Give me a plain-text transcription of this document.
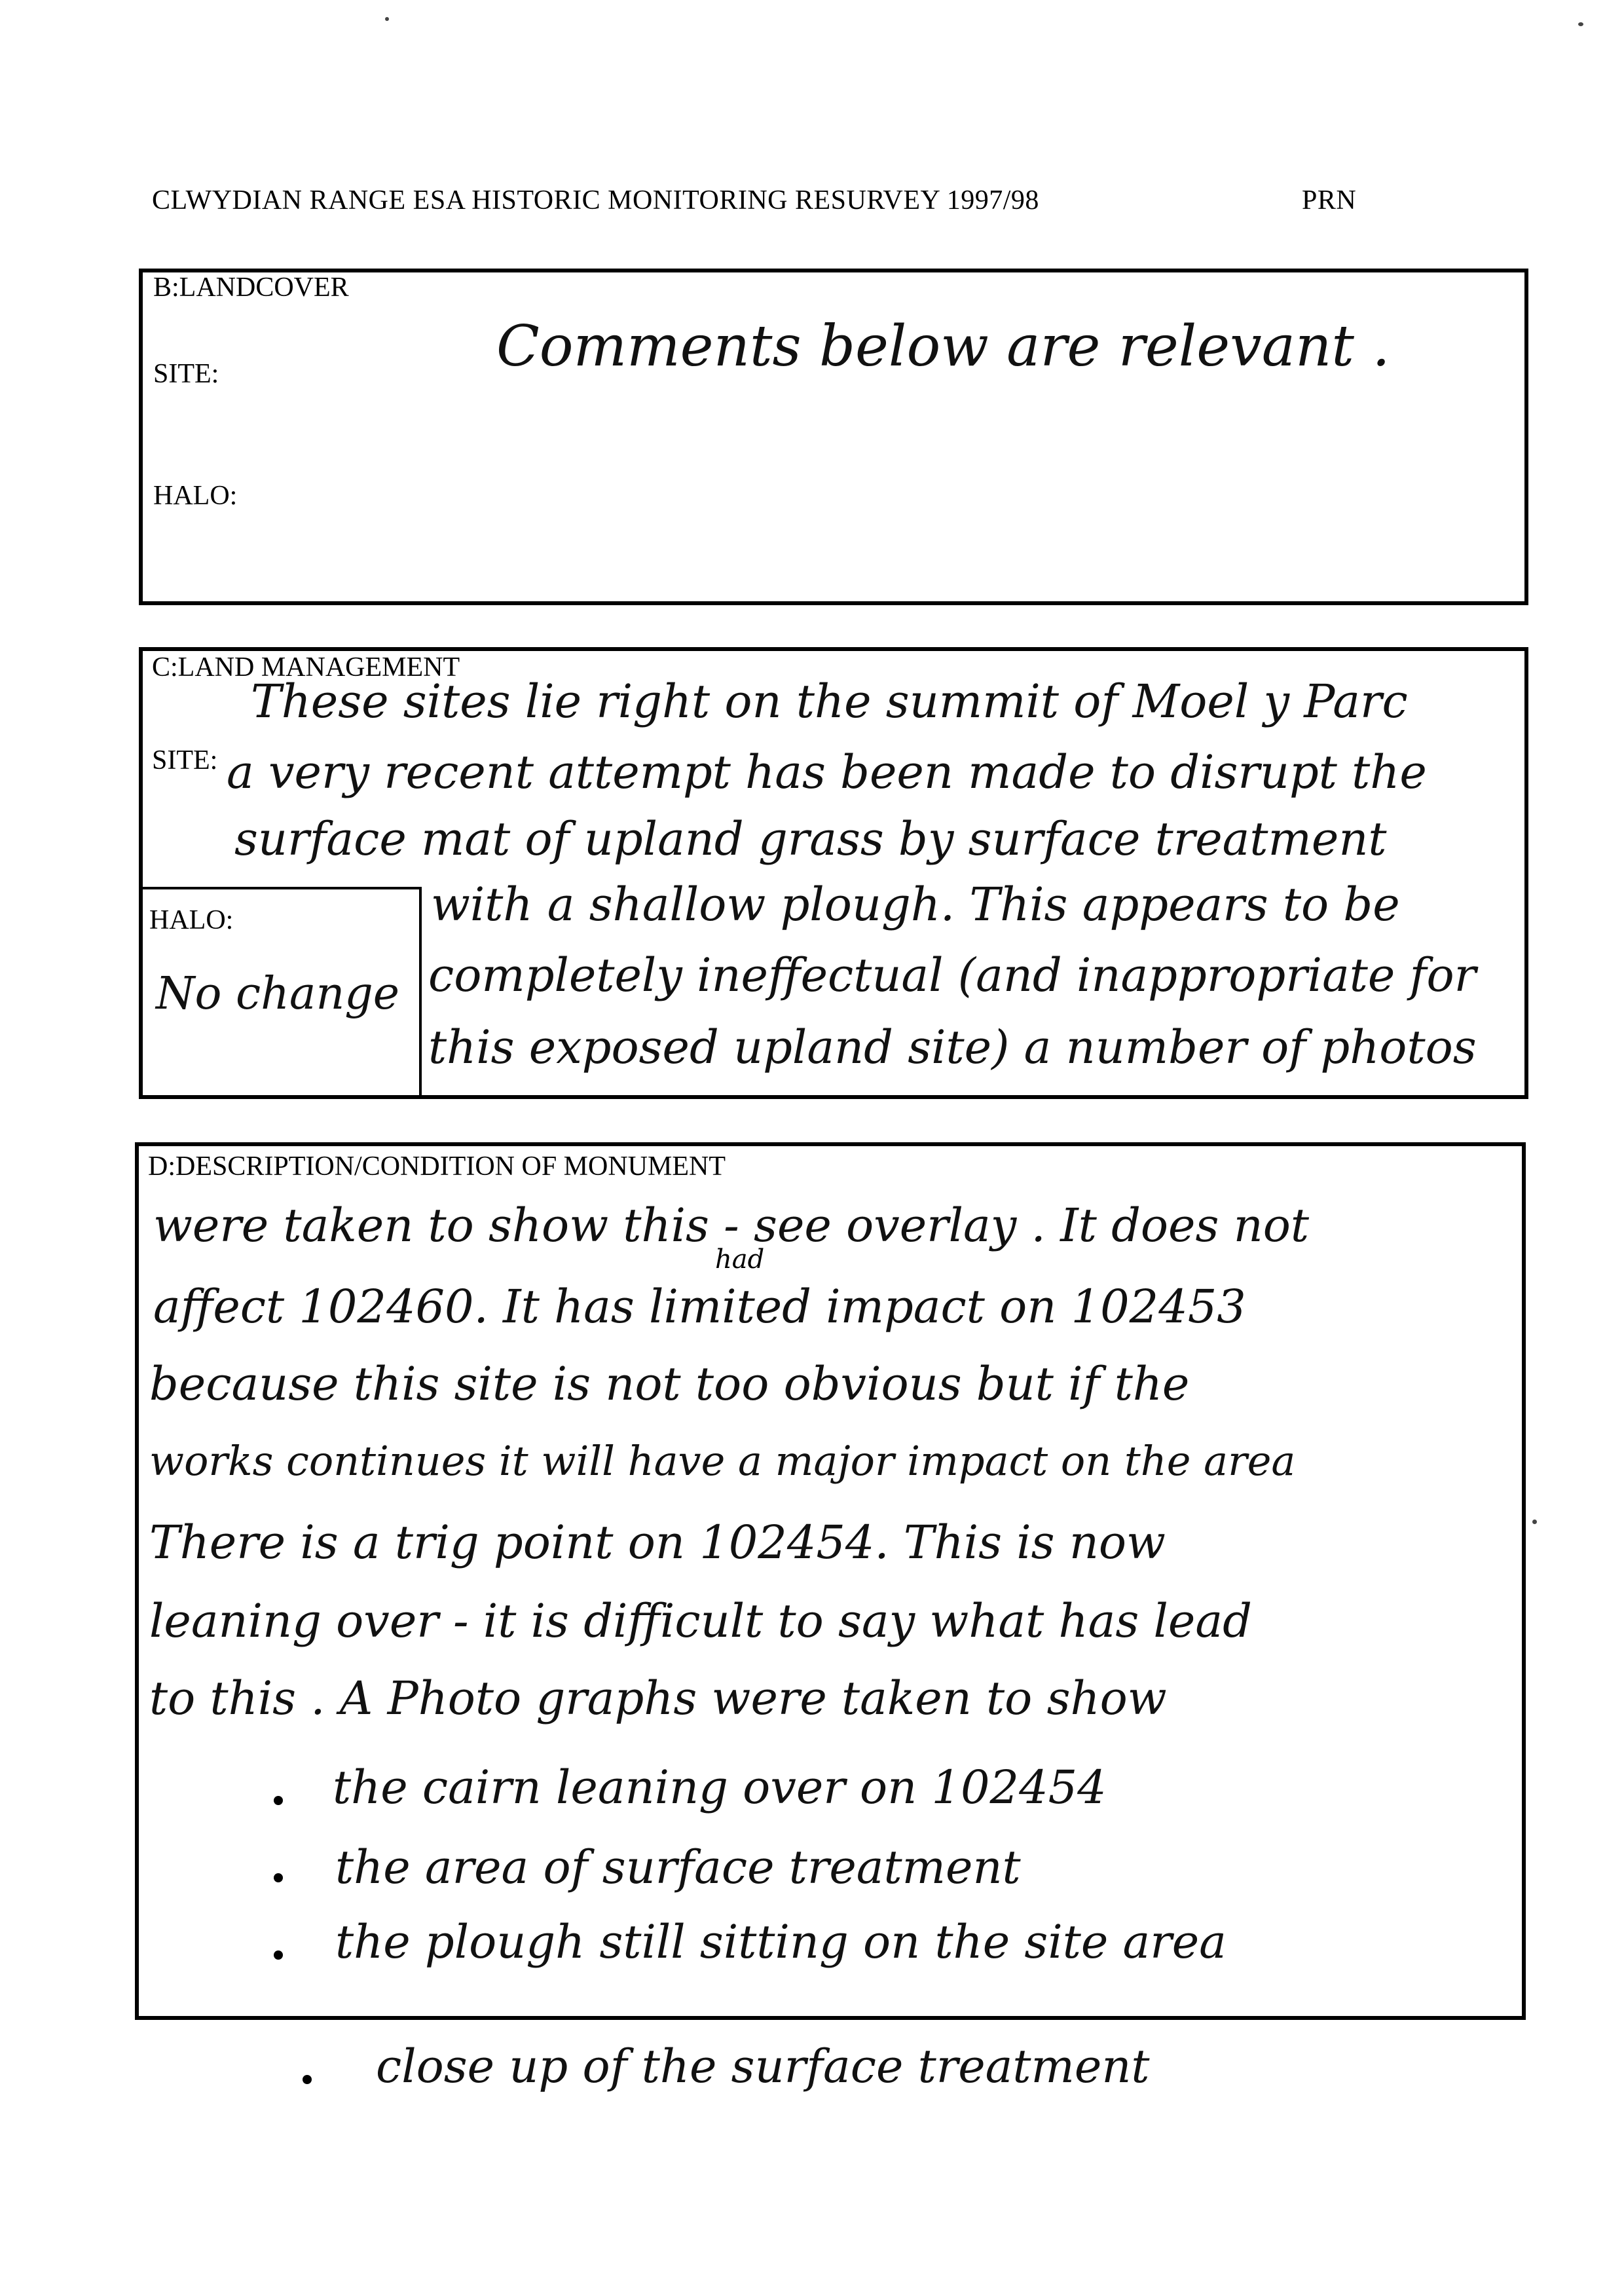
CLWYDIAN RANGE ESA HISTORIC MONITORING RESURVEY 1997/98	PRN
B:LANDCOVER
SITE:	Comments below are relevant .
HALO:
C:LAND MANAGEMENT
SITE:
HALO:
No change
These sites lie right on the summit of Moel y Parc
a very recent attempt has been made to disrupt the
surface mat of upland grass by surface treatment
with a shallow plough. This appears to be
completely ineffectual (and inappropriate for
this exposed upland site) a number of photos
D:DESCRIPTION/CONDITION OF MONUMENT
were taken to show this - see overlay . It does not
had
affect 102460. It has limited impact on 102453
because this site is not too obvious but if the
works continues it will have a major impact on the area
There is a trig point on 102454. This is now
leaning over - it is difficult to say what has lead
to this . A Photo graphs were taken to show
the cairn leaning over on 102454
the area of surface treatment
the plough still sitting on the site area
close up of the surface treatment
